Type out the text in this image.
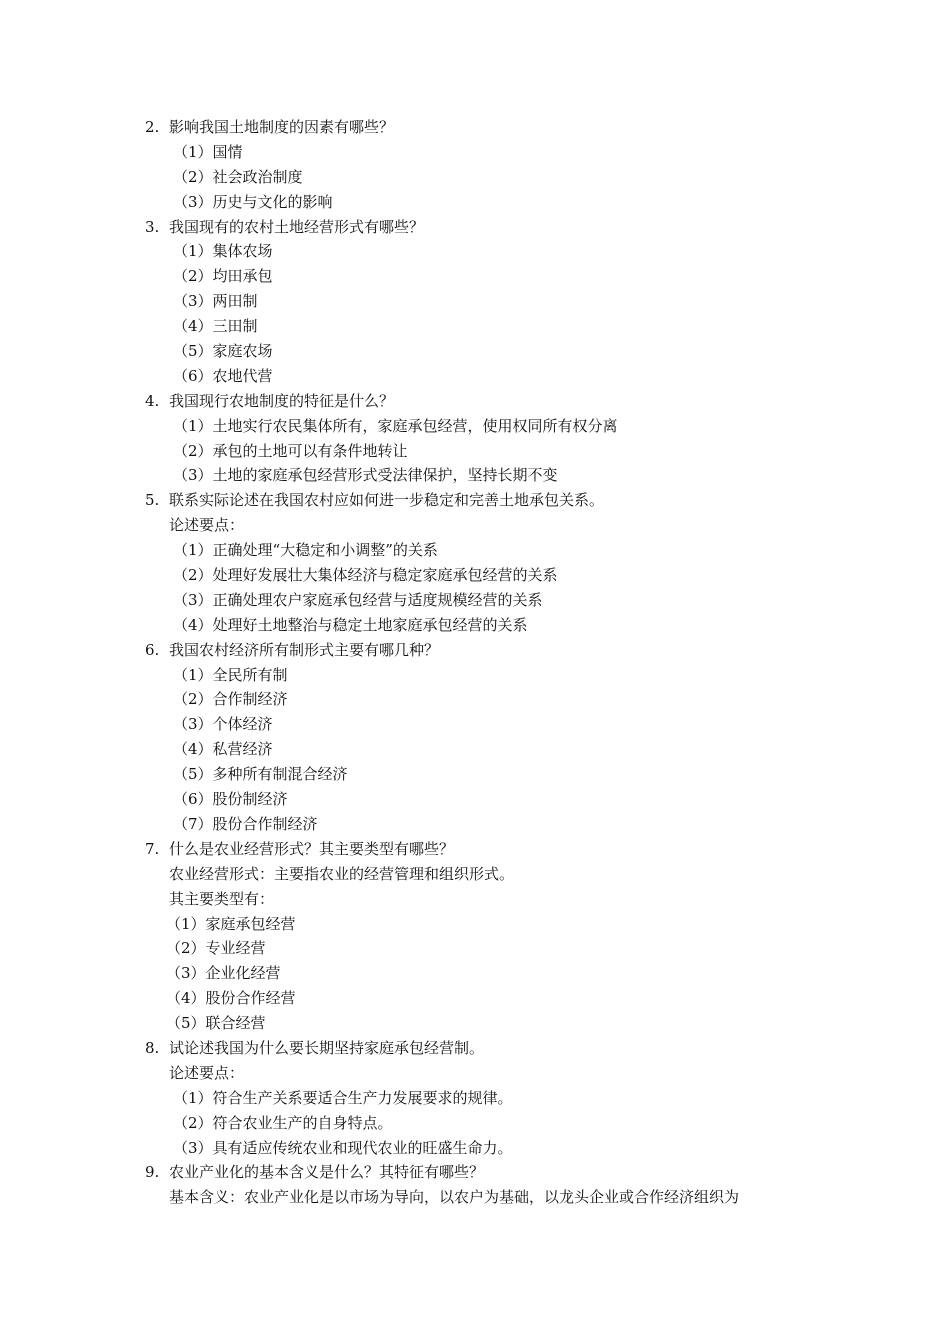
2. 影响我国土地制度的因素有哪些？
（1）国情
（2）社会政治制度
（3）历史与文化的影响
3. 我国现有的农村土地经营形式有哪些？
（1）集体农场
（2）均田承包
（3）两田制
（4）三田制
（5）家庭农场
（6）农地代营
4. 我国现行农地制度的特征是什么？
（1）土地实行农民集体所有，家庭承包经营，使用权同所有权分离
（2）承包的土地可以有条件地转让
（3）土地的家庭承包经营形式受法律保护，坚持长期不变
5. 联系实际论述在我国农村应如何进一步稳定和完善土地承包关系。
论述要点：
（1）正确处理“大稳定和小调整”的关系
（2）处理好发展壮大集体经济与稳定家庭承包经营的关系
（3）正确处理农户家庭承包经营与适度规模经营的关系
（4）处理好土地整治与稳定土地家庭承包经营的关系
6. 我国农村经济所有制形式主要有哪几种？
（1）全民所有制
（2）合作制经济
（3）个体经济
（4）私营经济
（5）多种所有制混合经济
（6）股份制经济
（7）股份合作制经济
7. 什么是农业经营形式？其主要类型有哪些？
农业经营形式：主要指农业的经营管理和组织形式。
其主要类型有：
（1）家庭承包经营
（2）专业经营
（3）企业化经营
（4）股份合作经营
（5）联合经营
8. 试论述我国为什么要长期坚持家庭承包经营制。
论述要点：
（1）符合生产关系要适合生产力发展要求的规律。
（2）符合农业生产的自身特点。
（3）具有适应传统农业和现代农业的旺盛生命力。
9. 农业产业化的基本含义是什么？其特征有哪些？
基本含义：农业产业化是以市场为导向，以农户为基础，以龙头企业或合作经济组织为
